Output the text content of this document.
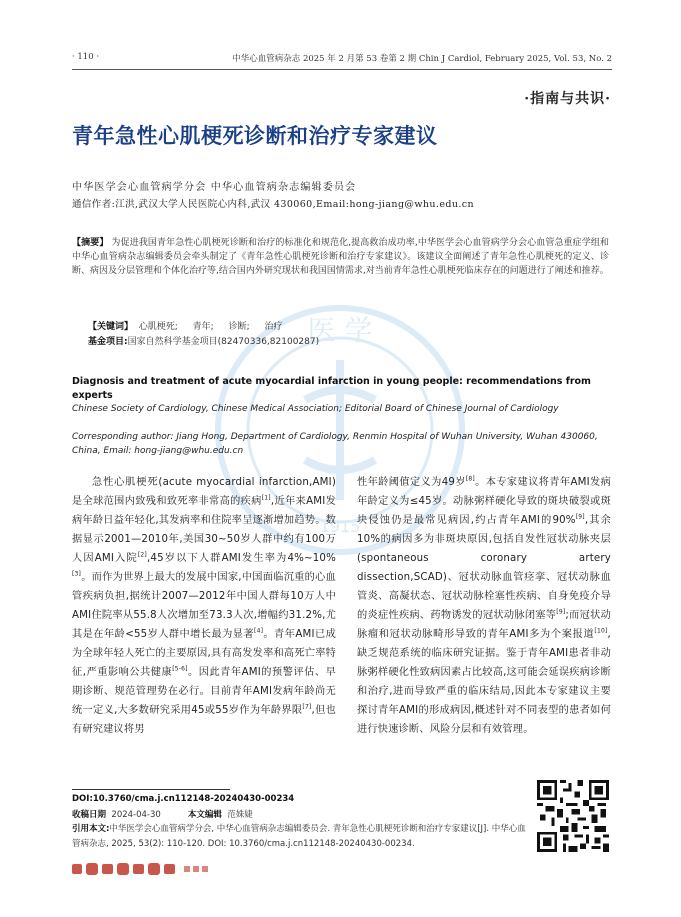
医 学
1915
· 110 ·	中华心血管病杂志 2025 年 2 月第 53 卷第 2 期 Chin J Cardiol, February 2025, Vol. 53, No. 2
·指南与共识·
青年急性心肌梗死诊断和治疗专家建议
中华医学会心血管病学分会 中华心血管病杂志编辑委员会
通信作者:江洪,武汉大学人民医院心内科,武汉 430060,Email:hong-jiang@whu.edu.cn

【摘要】 为促进我国青年急性心肌梗死诊断和治疗的标准化和规范化,提高救治成功率,中华医学会心血管病学分会心血管急重症学组和中华心血管病杂志编辑委员会牵头制定了《青年急性心肌梗死诊断和治疗专家建议》。该建议全面阐述了青年急性心肌梗死的定义、诊断、病因及分层管理和个体化治疗等,结合国内外研究现状和我国国情需求,对当前青年急性心肌梗死临床存在的问题进行了阐述和推荐。

【关键词】 心肌梗死; 青年; 诊断; 治疗
基金项目:国家自然科学基金项目(82470336,82100287)
Diagnosis and treatment of acute myocardial infarction in young people: recommendations from experts
Chinese Society of Cardiology, Chinese Medical Association; Editorial Board of Chinese Journal of Cardiology
Corresponding author: Jiang Hong, Department of Cardiology, Renmin Hospital of Wuhan University, Wuhan 430060, China, Email: hong-jiang@whu.edu.cn

急性心肌梗死(acute myocardial infarction,AMI)是全球范围内致残和致死率非常高的疾病[1],近年来AMI发病年龄日益年轻化,其发病率和住院率呈逐渐增加趋势。数据显示2001—2010年,美国30~50岁人群中约有100万人因AMI入院[2],45岁以下人群AMI发生率为4%~10%[3]。而作为世界上最大的发展中国家,中国面临沉重的心血管疾病负担,据统计2007—2012年中国人群每10万人中AMI住院率从55.8人次增加至73.3人次,增幅约31.2%,尤其是在年龄<55岁人群中增长最为显著[4]。青年AMI已成为全球年轻人死亡的主要原因,具有高发发率和高死亡率特征,严重影响公共健康[5-6]。因此青年AMI的预警评估、早期诊断、规范管理势在必行。目前青年AMI发病年龄尚无统一定义,大多数研究采用45或55岁作为年龄界限[7],但也有研究建议将男

性年龄阈值定义为49岁[8]。本专家建议将青年AMI发病年龄定义为≤45岁。动脉粥样硬化导致的斑块破裂或斑块侵蚀仍是最常见病因,约占青年AMI的90%[9],其余10%的病因多为非斑块原因,包括自发性冠状动脉夹层(spontaneous coronary artery dissection,SCAD)、冠状动脉血管痉挛、冠状动脉血管炎、高凝状态、冠状动脉栓塞性疾病、自身免疫介导的炎症性疾病、药物诱发的冠状动脉闭塞等[9];而冠状动脉瘤和冠状动脉畸形导致的青年AMI多为个案报道[10],缺乏规范系统的临床研究证据。鉴于青年AMI患者非动脉粥样硬化性致病因素占比较高,这可能会延误疾病诊断和治疗,进而导致严重的临床结局,因此本专家建议主要探讨青年AMI的形成病因,概述针对不同表型的患者如何进行快速诊断、风险分层和有效管理。

DOI:10.3760/cma.j.cn112148-20240430-00234
收稿日期 2024-04-30	本文编辑 范姝婕
引用本文:中华医学会心血管病学分会, 中华心血管病杂志编辑委员会. 青年急性心肌梗死诊断和治疗专家建议[J]. 中华心血管病杂志, 2025, 53(2): 110-120. DOI: 10.3760/cma.j.cn112148-20240430-00234.
